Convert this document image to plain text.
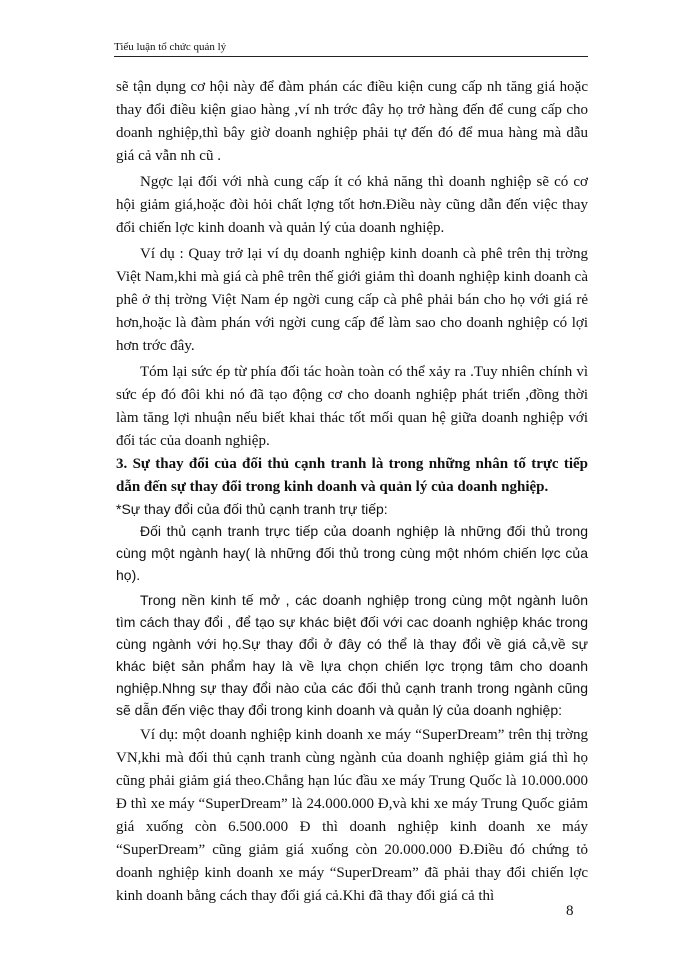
Tiểu luận tổ chức quản lý

sẽ tận dụng cơ hội này để đàm phán các điều kiện cung cấp nh tăng giá hoặc thay đổi điều kiện giao hàng ,ví nh trớc đây họ trở hàng đến để cung cấp cho doanh nghiệp,thì bây giờ doanh nghiệp phải tự đến đó để mua hàng mà dẫu giá cả vẫn nh cũ .

Ngợc lại đối với nhà cung cấp ít có khả năng thì doanh nghiệp sẽ có cơ hội giảm giá,hoặc đòi hỏi chất lợng tốt hơn.Điều này cũng dẫn đến việc thay đổi chiến lợc kinh doanh và quản lý của doanh nghiệp.

Ví dụ : Quay trở lại ví dụ doanh nghiệp kinh doanh cà phê trên thị trờng Việt Nam,khi mà giá cà phê trên thế giới giảm thì doanh nghiệp kinh doanh cà phê ở thị trờng Việt Nam ép ngời cung cấp cà phê phải bán cho họ với giá rẻ hơn,hoặc là đàm phán với ngời cung cấp để làm sao cho doanh nghiệp có lợi hơn trớc đây.

Tóm lại sức ép từ phía đối tác hoàn toàn có thể xảy ra .Tuy nhiên chính vì sức ép đó đôi khi nó đã tạo động cơ cho doanh nghiệp phát triển ,đồng thời làm tăng lợi nhuận nếu biết khai thác tốt mối quan hệ giữa doanh nghiệp với đối tác của doanh nghiệp.

3. Sự thay đổi của đối thủ cạnh tranh là trong những nhân tố trực tiếp dẫn đến sự thay đổi trong kinh doanh và quản lý của doanh nghiệp.

*Sự thay đổi của đối thủ cạnh tranh trự tiếp:

Đối thủ cạnh tranh trực tiếp của doanh nghiệp là những đối thủ trong cùng một ngành hay( là những đối thủ trong cùng một nhóm chiến lợc của họ).

Trong nền kinh tế mở , các doanh nghiệp trong cùng một ngành luôn tìm cách thay đổi , để tạo sự khác biệt đối với cac doanh nghiệp khác trong cùng ngành với họ.Sự thay đổi ở đây có thể là thay đổi về giá cả,về sự khác biệt sản phẩm hay là về lựa chọn chiến lợc trọng tâm cho doanh nghiệp.Nhng sự thay đổi nào của các đối thủ cạnh tranh trong ngành cũng sẽ dẫn đến việc thay đổi trong kinh doanh và quản lý của doanh nghiệp:

Ví dụ: một doanh nghiệp kinh doanh xe máy “SuperDream” trên thị trờng VN,khi mà đối thủ cạnh tranh cùng ngành của doanh nghiệp giảm giá thì họ cũng phải giảm giá theo.Chẳng hạn lúc đầu xe máy Trung Quốc là 10.000.000 Đ thì xe máy “SuperDream” là 24.000.000 Đ,và khi xe máy Trung Quốc giảm giá xuống còn 6.500.000 Đ thì doanh nghiệp kinh doanh xe máy “SuperDream” cũng giảm giá xuống còn 20.000.000 Đ.Điều đó chứng tỏ doanh nghiệp kinh doanh xe máy “SuperDream” đã phải thay đổi chiến lợc kinh doanh bằng cách thay đổi giá cả.Khi đã thay đổi giá cả thì

8
